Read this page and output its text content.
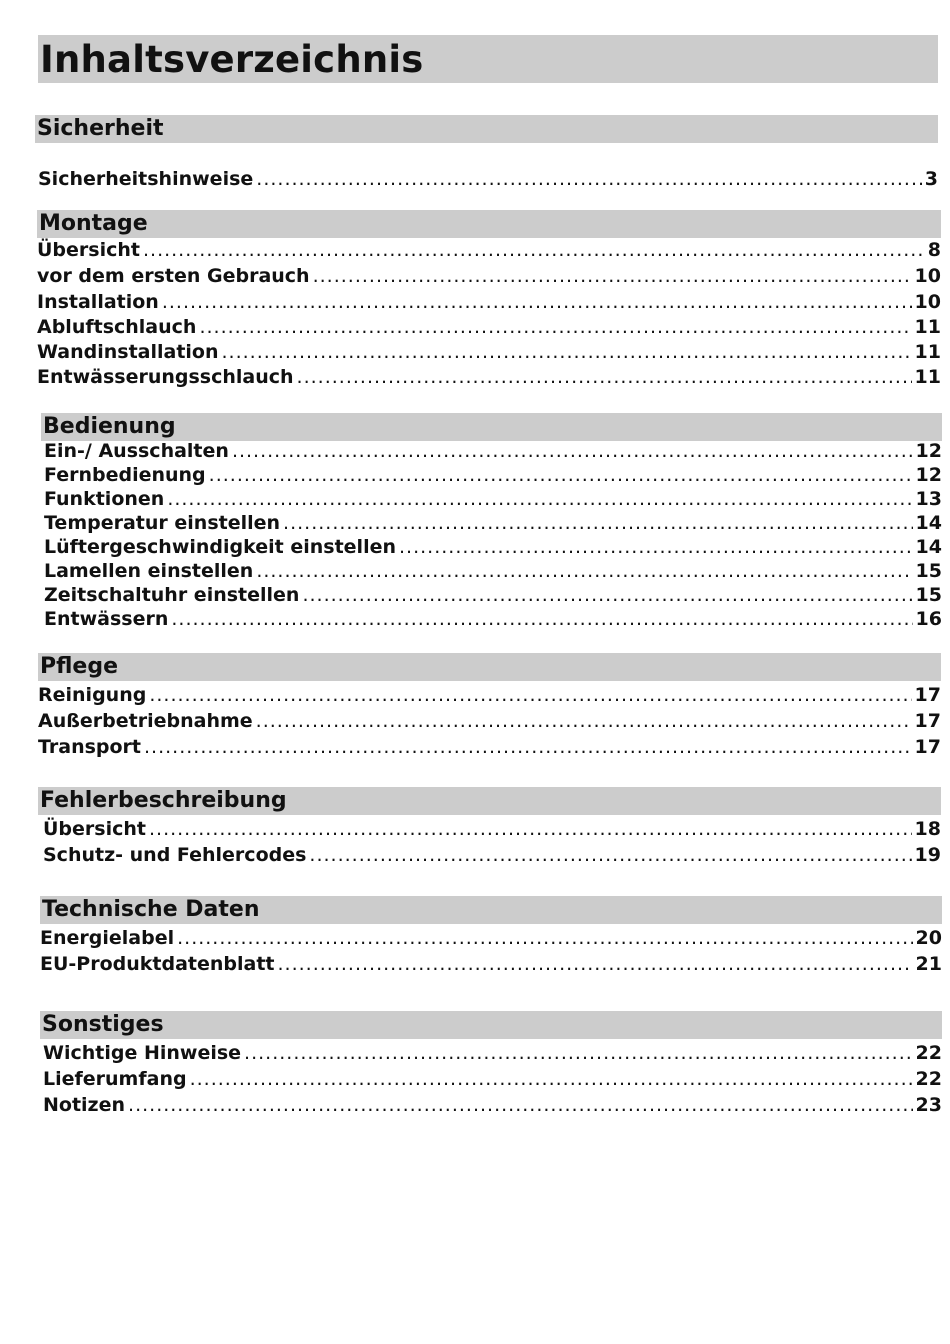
Inhaltsverzeichnis
Sicherheit
Sicherheitshinweise .....	3
Montage
Übersicht .....	8
vor dem ersten Gebrauch .....	10
Installation .....	10
Abluftschlauch .....	11
Wandinstallation .....	11
Entwässerungsschlauch .....	11
Bedienung
Ein-/ Ausschalten .....	12
Fernbedienung .....	12
Funktionen .....	13
Temperatur einstellen .....	14
Lüftergeschwindigkeit einstellen .....	14
Lamellen einstellen .....	15
Zeitschaltuhr einstellen .....	15
Entwässern .....	16
Pflege
Reinigung .....	17
Außerbetriebnahme .....	17
Transport .....	17
Fehlerbeschreibung
Übersicht .....	18
Schutz- und Fehlercodes .....	19
Technische Daten
Energielabel .....	20
EU-Produktdatenblatt .....	21
Sonstiges
Wichtige Hinweise .....	22
Lieferumfang .....	22
Notizen .....	23
